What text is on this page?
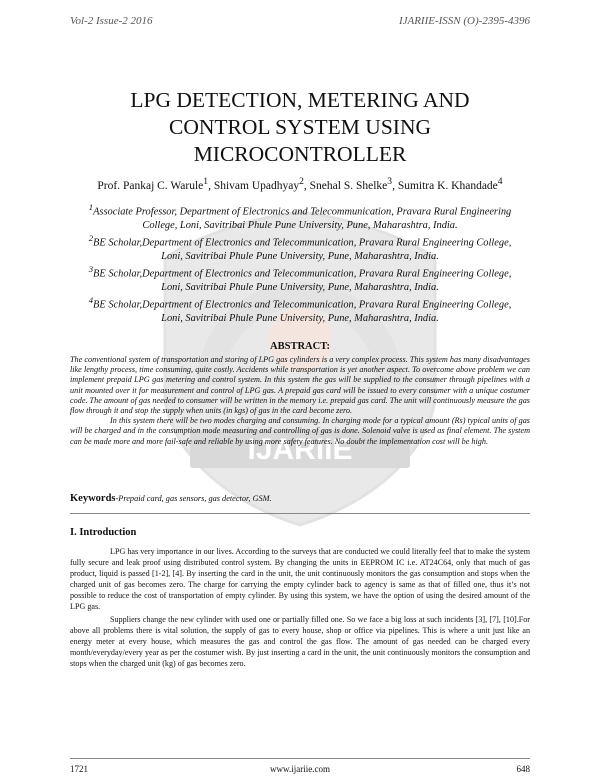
Vol-2 Issue-2 2016	IJARIIE-ISSN (O)-2395-4396
IJARIIE
LPG DETECTION, METERING AND
CONTROL SYSTEM USING
MICROCONTROLLER
Prof. Pankaj C. Warule$^1$, Shivam Upadhyay$^2$, Snehal S. Shelke$^3$, Sumitra K. Khandade$^4$

$^1$Associate Professor, Department of Electronics and Telecommunication, Pravara Rural Engineering
College, Loni, Savitribai Phule Pune University, Pune, Maharashtra, India.

$^2$BE Scholar,Department of Electronics and Telecommunication, Pravara Rural Engineering College,
Loni, Savitribai Phule Pune University, Pune, Maharashtra, India.

$^3$BE Scholar,Department of Electronics and Telecommunication, Pravara Rural Engineering College,
Loni, Savitribai Phule Pune University, Pune, Maharashtra, India.

$^4$BE Scholar,Department of Electronics and Telecommunication, Pravara Rural Engineering College,
Loni, Savitribai Phule Pune University, Pune, Maharashtra, India.

ABSTRACT:

The conventional system of transportation and storing of LPG gas cylinders is a very complex process. This system has many disadvantages like lengthy process, time consuming, quite costly. Accidents while transportation is yet another aspect. To overcome above problem we can implement prepaid LPG gas metering and control system. In this system the gas will be supplied to the consumer through pipelines with a unit mounted over it for measurement and control of LPG gas. A prepaid gas card will be issued to every consumer with a unique costumer code. The amount of gas needed to consumer will be written in the memory i.e. prepaid gas card. The unit will continuously measure the gas flow through it and stop the supply when units (in kgs) of gas in the card become zero.

In this system there will be two modes charging and consuming. In charging mode for a typical amount (Rs) typical units of gas will be charged and in the consumption mode measuring and controlling of gas is done. Solenoid valve is used as final element. The system can be made more and more fail-safe and reliable by using more safety features. No doubt the implementation cost will be high.

Keywords-Prepaid card, gas sensors, gas detector, GSM.
I. Introduction

LPG has very importance in our lives. According to the surveys that are conducted we could literally feel that to make the system fully secure and leak proof using distributed control system. By changing the units in EEPROM IC i.e. AT24C64, only that much of gas product, liquid is passed [1-2], [4]. By inserting the card in the unit, the unit continuously monitors the gas consumption and stops when the charged unit of gas becomes zero. The charge for carrying the empty cylinder back to agency is same as that of filled one, thus it’s not possible to reduce the cost of transportation of empty cylinder. By using this system, we have the option of using the desired amount of the LPG gas.

Suppliers change the new cylinder with used one or partially filled one. So we face a big loss at such incidents [3], [7], [10].For above all problems there is vital solution, the supply of gas to every house, shop or office via pipelines. This is where a unit just like an energy meter at every house, which measures the gas and control the gas flow. The amount of gas needed can be charged every month/everyday/every year as per the costumer wish. By just inserting a card in the unit, the unit continuously monitors the consumption and stops when the charged unit (kg) of gas becomes zero.

1721	www.ijariie.com	648
